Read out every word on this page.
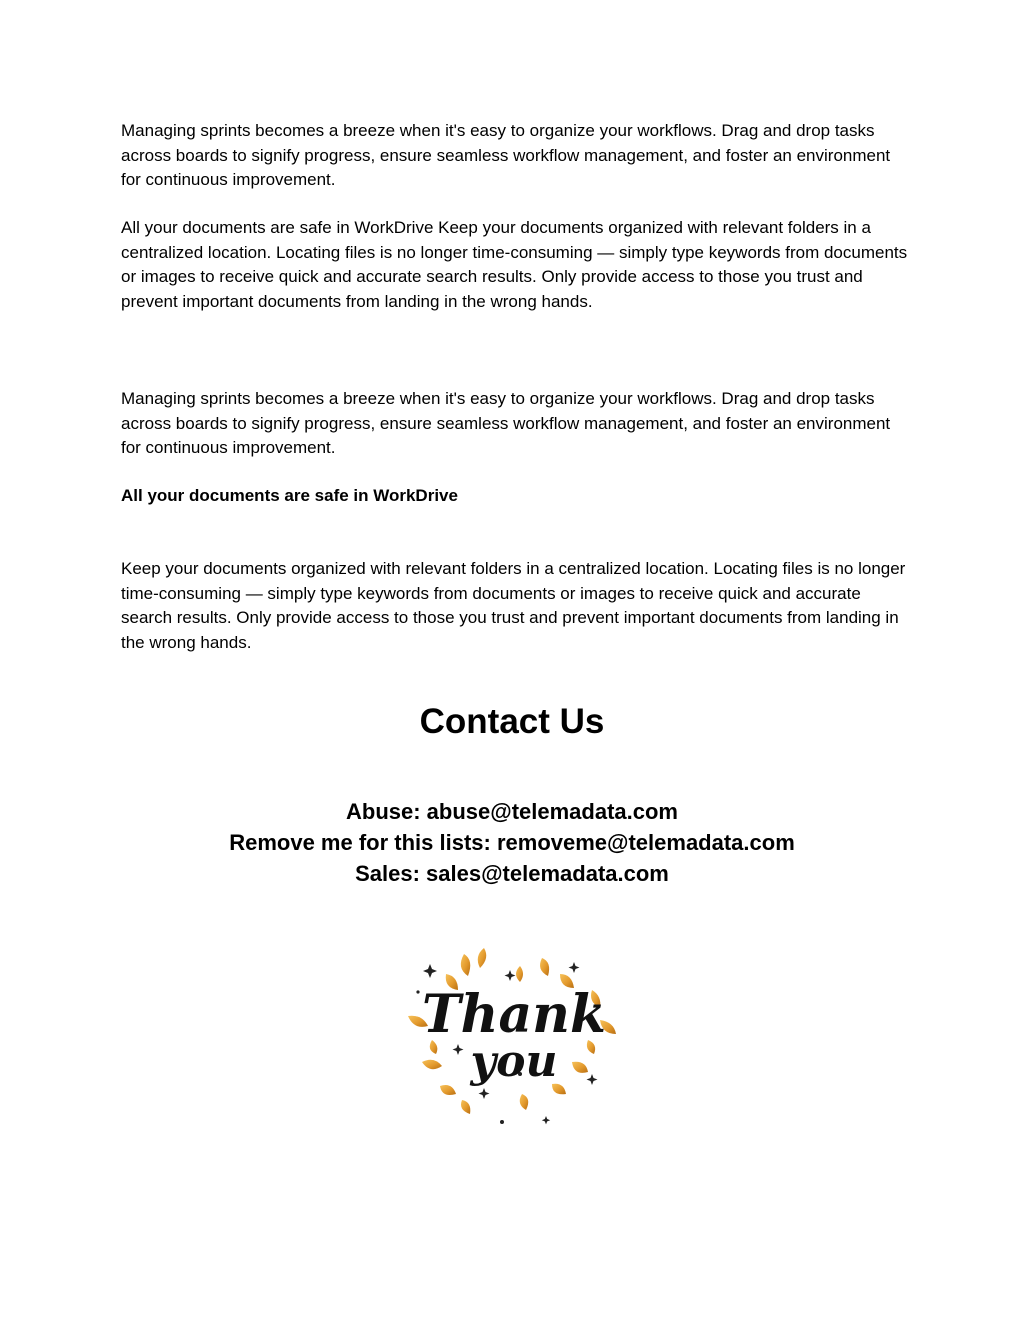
Managing sprints becomes a breeze when it's easy to organize your workflows. Drag and drop tasks across boards to signify progress, ensure seamless workflow management, and foster an environment for continuous improvement.

All your documents are safe in WorkDrive Keep your documents organized with relevant folders in a centralized location. Locating files is no longer time-consuming — simply type keywords from documents or images to receive quick and accurate search results. Only provide access to those you trust and prevent important documents from landing in the wrong hands.

Managing sprints becomes a breeze when it's easy to organize your workflows. Drag and drop tasks across boards to signify progress, ensure seamless workflow management, and foster an environment for continuous improvement.

All your documents are safe in WorkDrive

Keep your documents organized with relevant folders in a centralized location. Locating files is no longer time-consuming — simply type keywords from documents or images to receive quick and accurate search results. Only provide access to those you trust and prevent important documents from landing in the wrong hands.

Contact Us
Abuse: abuse@telemadata.com
Remove me for this lists: removeme@telemadata.com
Sales: sales@telemadata.com
Thank
you
